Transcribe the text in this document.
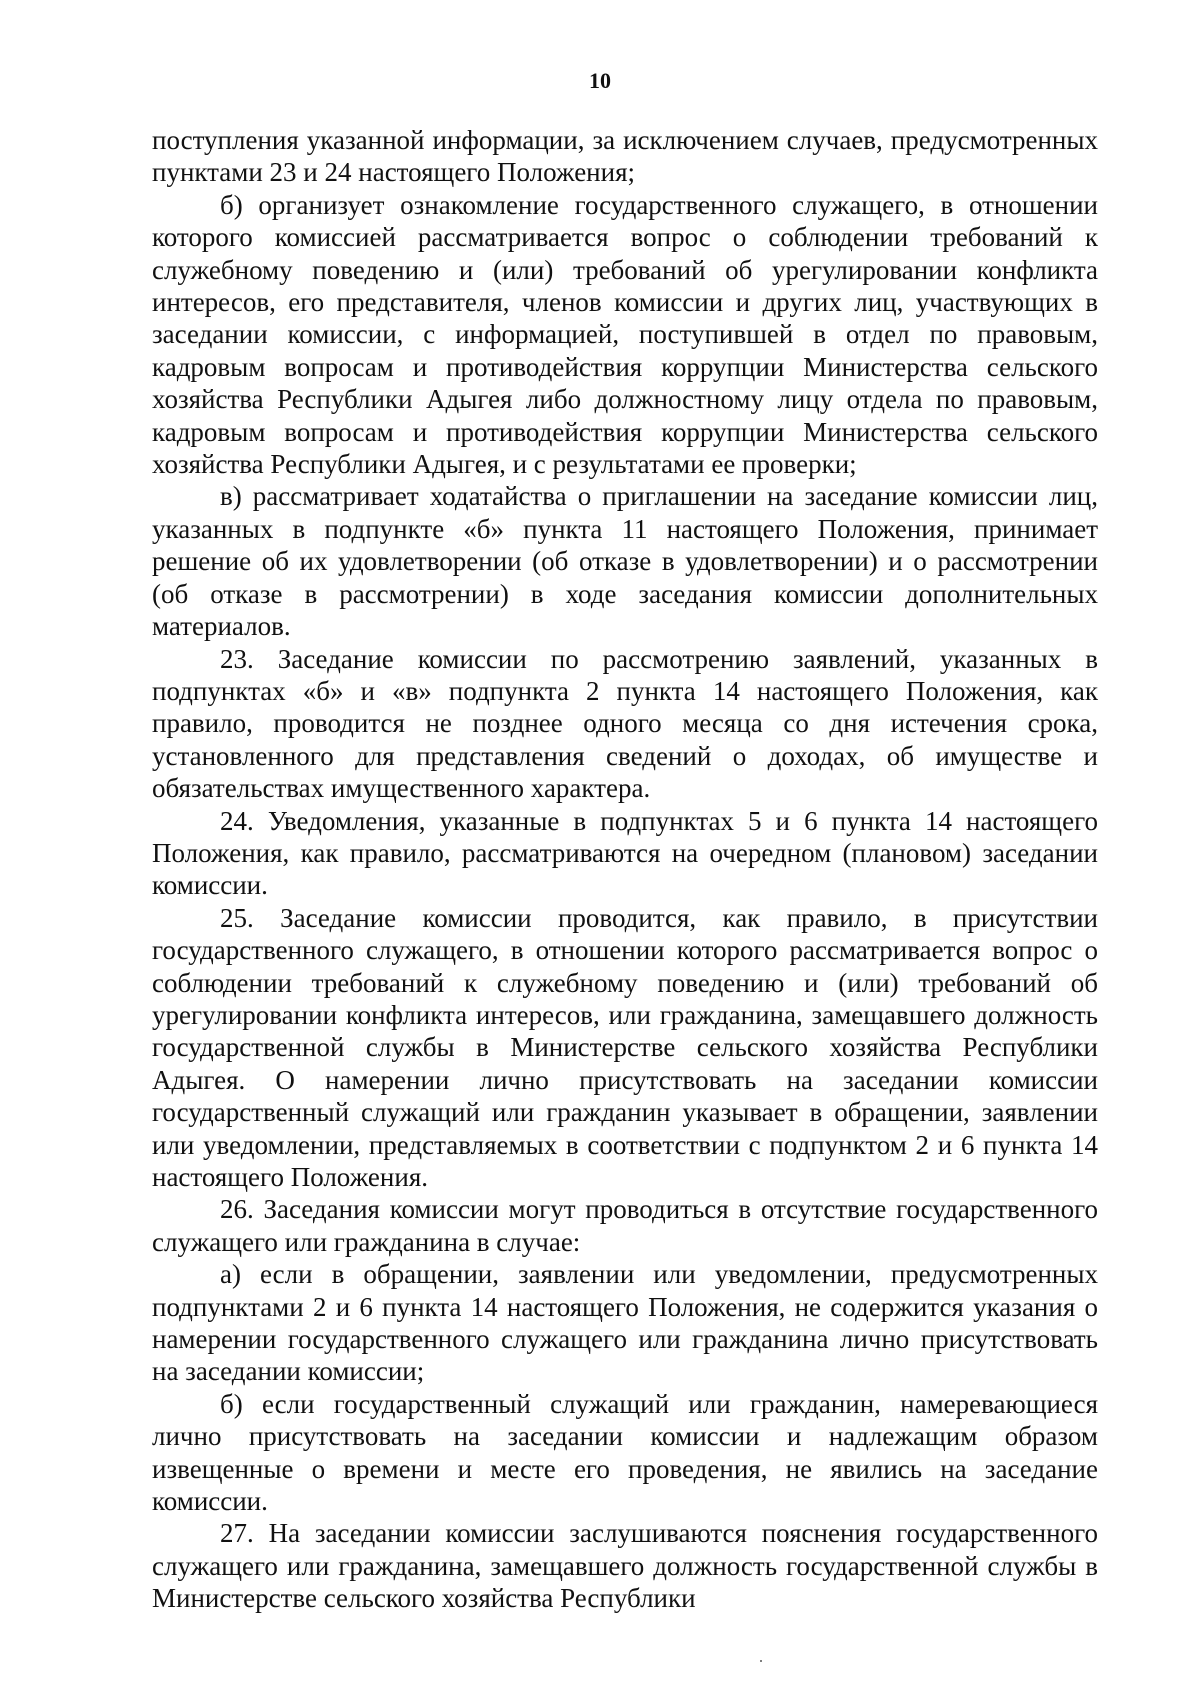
10

поступления указанной информации, за исключением случаев, предусмотренных пунктами 23 и 24 настоящего Положения;

б) организует ознакомление государственного служащего, в отношении которого комиссией рассматривается вопрос о соблюдении требований к служебному поведению и (или) требований об урегулировании конфликта интересов, его представителя, членов комиссии и других лиц, участвующих в заседании комиссии, с информацией, поступившей в отдел по правовым, кадровым вопросам и противодействия коррупции Министерства сельского хозяйства Республики Адыгея либо должностному лицу отдела по правовым, кадровым вопросам и противодействия коррупции Министерства сельского хозяйства Республики Адыгея, и с результатами ее проверки;

в) рассматривает ходатайства о приглашении на заседание комиссии лиц, указанных в подпункте «б» пункта 11 настоящего Положения, принимает решение об их удовлетворении (об отказе в удовлетворении) и о рассмотрении (об отказе в рассмотрении) в ходе заседания комиссии дополнительных материалов.

23. Заседание комиссии по рассмотрению заявлений, указанных в подпунктах «б» и «в» подпункта 2 пункта 14 настоящего Положения, как правило, проводится не позднее одного месяца со дня истечения срока, установленного для представления сведений о доходах, об имуществе и обязательствах имущественного характера.

24. Уведомления, указанные в подпунктах 5 и 6 пункта 14 настоящего Положения, как правило, рассматриваются на очередном (плановом) заседании комиссии.

25. Заседание комиссии проводится, как правило, в присутствии государственного служащего, в отношении которого рассматривается вопрос о соблюдении требований к служебному поведению и (или) требований об урегулировании конфликта интересов, или гражданина, замещавшего должность государственной службы в Министерстве сельского хозяйства Республики Адыгея. О намерении лично присутствовать на заседании комиссии государственный служащий или гражданин указывает в обращении, заявлении или уведомлении, представляемых в соответствии с подпунктом 2 и 6 пункта 14 настоящего Положения.

26. Заседания комиссии могут проводиться в отсутствие государственного служащего или гражданина в случае:

а) если в обращении, заявлении или уведомлении, предусмотренных подпунктами 2 и 6 пункта 14 настоящего Положения, не содержится указания о намерении государственного служащего или гражданина лично присутствовать на заседании комиссии;

б) если государственный служащий или гражданин, намеревающиеся лично присутствовать на заседании комиссии и надлежащим образом извещенные о времени и месте его проведения, не явились на заседание комиссии.

27. На заседании комиссии заслушиваются пояснения государственного служащего или гражданина, замещавшего должность государственной службы в Министерстве сельского хозяйства Республики
